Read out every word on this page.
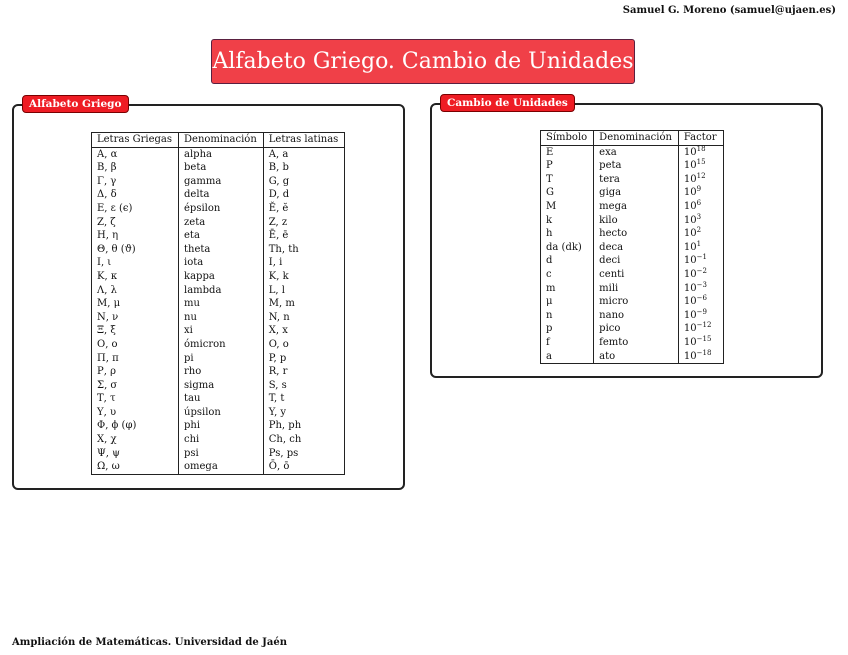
Samuel G. Moreno (samuel@ujaen.es)
Alfabeto Griego. Cambio de Unidades
Alfabeto Griego
Letras Griegas	Denominación	Letras latinas
Α, α	alpha	A, a
Β, β	beta	B, b
Γ, γ	gamma	G, g
Δ, δ	delta	D, d
Ε, ε (ϵ)	épsilon	Ĕ, ĕ
Ζ, ζ	zeta	Z, z
Η, η	eta	Ē, ē
Θ, θ (ϑ)	theta	Th, th
Ι, ι	iota	I, i
Κ, κ	kappa	K, k
Λ, λ	lambda	L, l
Μ, μ	mu	M, m
Ν, ν	nu	N, n
Ξ, ξ	xi	X, x
Ο, ο	ómicron	O, o
Π, π	pi	P, p
Ρ, ρ	rho	R, r
Σ, σ	sigma	S, s
Τ, τ	tau	T, t
Υ, υ	úpsilon	Y, y
Φ, ϕ (φ)	phi	Ph, ph
Χ, χ	chi	Ch, ch
Ψ, ψ	psi	Ps, ps
Ω, ω	omega	Ō, ō
Cambio de Unidades
Símbolo	Denominación	Factor
E	exa	$10^{18}$
P	peta	$10^{15}$
T	tera	$10^{12}$
G	giga	$10^9$
M	mega	$10^6$
k	kilo	$10^3$
h	hecto	$10^2$
da (dk)	deca	$10^1$
d	deci	$10^{-1}$
c	centi	$10^{-2}$
m	mili	$10^{-3}$
μ	micro	$10^{-6}$
n	nano	$10^{-9}$
p	pico	$10^{-12}$
f	femto	$10^{-15}$
a	ato	$10^{-18}$
Ampliación de Matemáticas. Universidad de Jaén
